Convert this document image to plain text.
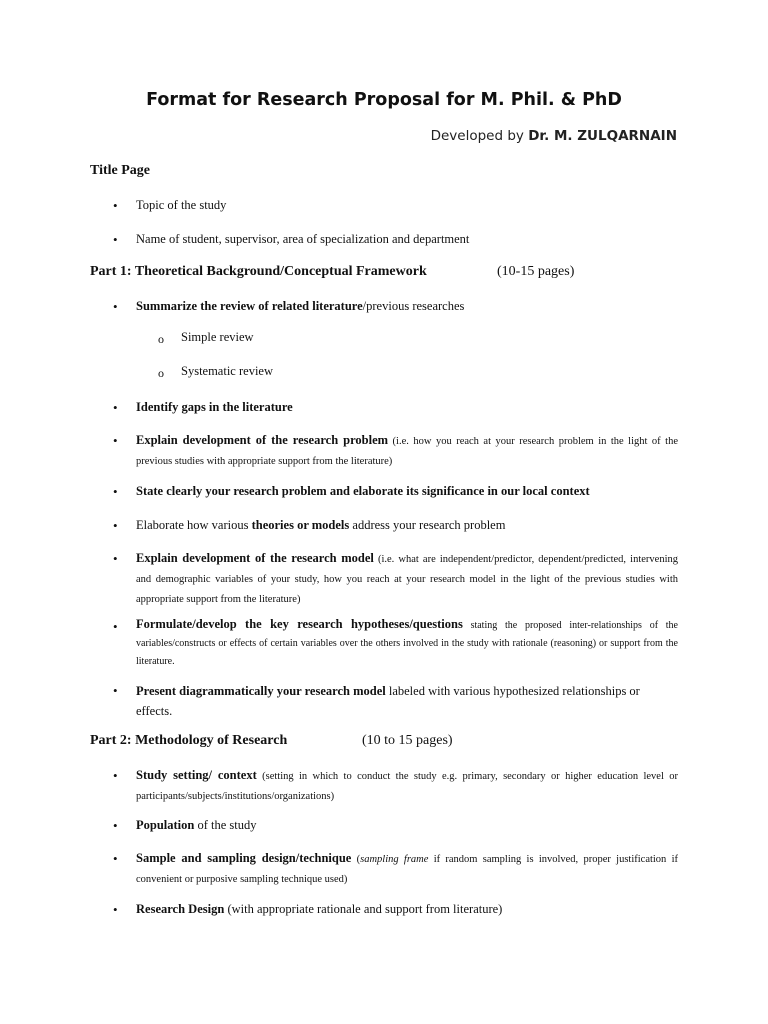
Format for Research Proposal for M. Phil. & PhD
Developed by Dr. M. ZULQARNAIN
Title Page
• Topic of the study
• Name of student, supervisor, area of specialization and department
Part 1: Theoretical Background/Conceptual Framework	(10-15 pages)
• Summarize the review of related literature/previous researches
o Simple review
o Systematic review
• Identify gaps in the literature
• Explain development of the research problem (i.e. how you reach at your research problem in the light of the previous studies with appropriate support from the literature)
• State clearly your research problem and elaborate its significance in our local context
• Elaborate how various theories or models address your research problem
• Explain development of the research model (i.e. what are independent/predictor, dependent/predicted, intervening and demographic variables of your study, how you reach at your research model in the light of the previous studies with appropriate support from the literature)
• Formulate/develop the key research hypotheses/questions stating the proposed inter-relationships of the variables/constructs or effects of certain variables over the others involved in the study with rationale (reasoning) or support from the literature.
• Present diagrammatically your research model labeled with various hypothesized relationships or effects.
Part 2: Methodology of Research	(10 to 15 pages)
• Study setting/ context (setting in which to conduct the study e.g. primary, secondary or higher education level or participants/subjects/institutions/organizations)
• Population of the study
• Sample and sampling design/technique (sampling frame if random sampling is involved, proper justification if convenient or purposive sampling technique used)
• Research Design (with appropriate rationale and support from literature)
